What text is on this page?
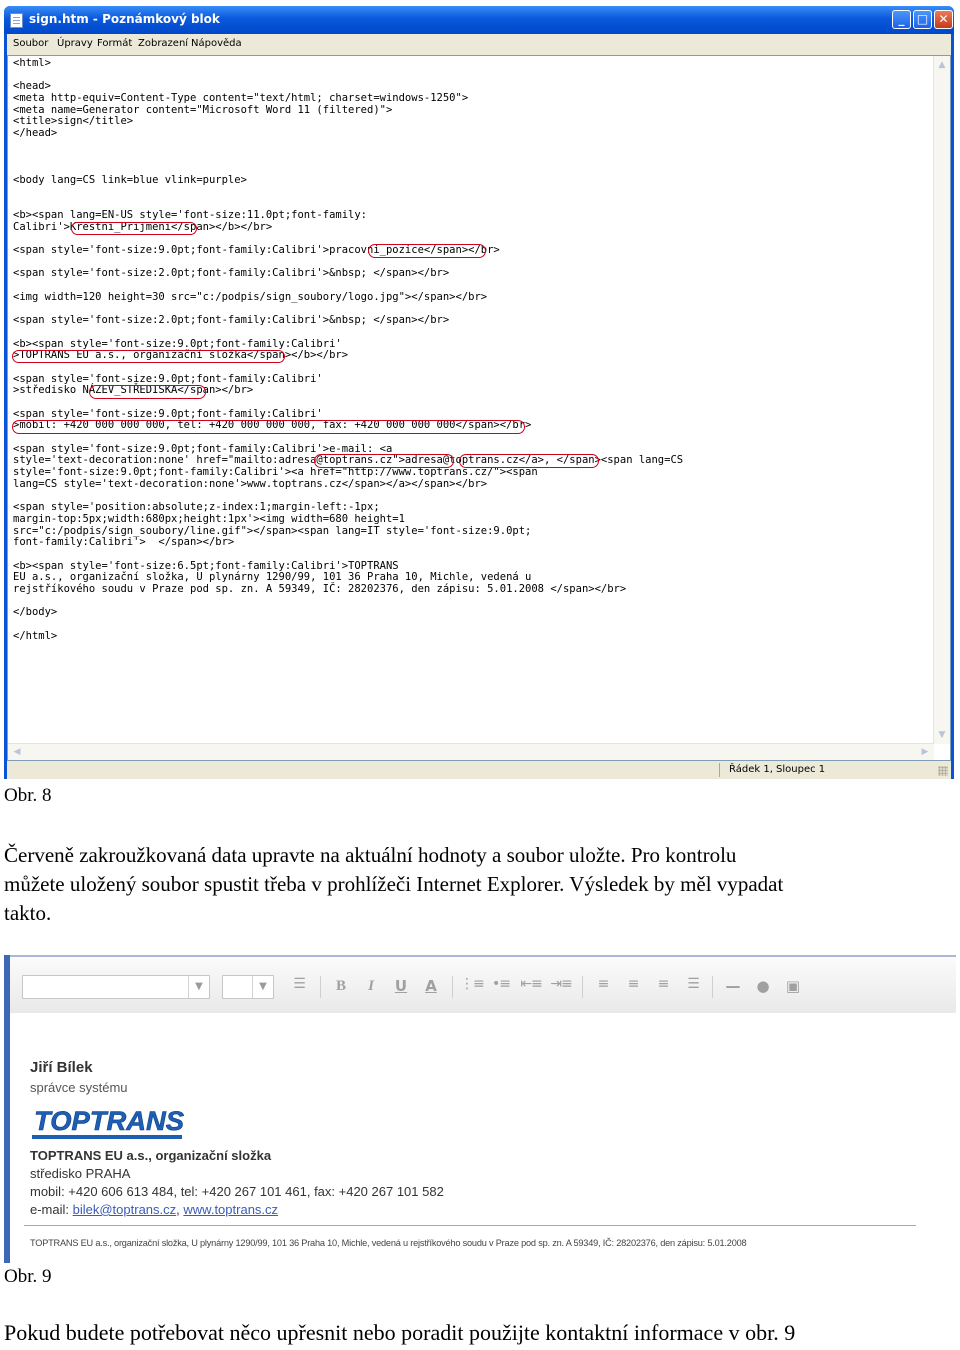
sign.htm - Poznámkový blok	_	□ ✕
Soubor Úpravy Formát Zobrazení Nápověda
<html>
<head>
<meta http-equiv=Content-Type content="text/html; charset=windows-1250">
<meta name=Generator content="Microsoft Word 11 (filtered)">
<title>sign</title>
</head>
<body lang=CS link=blue vlink=purple>
<b><span lang=EN-US style='font-size:11.0pt;font-family:
Calibri'>Krestni_Prijmeni</span></b></br>
<span style='font-size:9.0pt;font-family:Calibri'>pracovni_pozice</span></br>
<span style='font-size:2.0pt;font-family:Calibri'>&nbsp; </span></br>
<img width=120 height=30 src="c:/podpis/sign_soubory/logo.jpg"></span></br>
<span style='font-size:2.0pt;font-family:Calibri'>&nbsp; </span></br>
<b><span style='font-size:9.0pt;font-family:Calibri'
>TOPTRANS EU a.s., organizační složka</span></b></br>
<span style='font-size:9.0pt;font-family:Calibri'
>středisko NÁZEV_STŘEDISKA</span></br>
<span style='font-size:9.0pt;font-family:Calibri'
>mobil: +420 000 000 000, tel: +420 000 000 000, fax: +420 000 000 000</span></br>
<span style='font-size:9.0pt;font-family:Calibri'>e-mail: <a
style='text-decoration:none' href="mailto:adresa@toptrans.cz">adresa@toptrans.cz</a>, </span><span lang=CS
style='font-size:9.0pt;font-family:Calibri'><a href="http://www.toptrans.cz/"><span
lang=CS style='text-decoration:none'>www.toptrans.cz</span></a></span></br>
<span style='position:absolute;z-index:1;margin-left:-1px;
margin-top:5px;width:680px;height:1px'><img width=680 height=1
src="c:/podpis/sign_soubory/line.gif"></span><span lang=IT style='font-size:9.0pt;
font-family:Calibri'>  </span></br>
<b><span style='font-size:6.5pt;font-family:Calibri'>TOPTRANS
EU a.s., organizační složka, U plynárny 1290/99, 101 36 Praha 10, Michle, vedená u
rejstříkového soudu v Praze pod sp. zn. A 59349, IČ: 28202376, den zápisu: 5.01.2008 </span></br>
</body>
</html>
▲
▼
◀	▶
Řádek 1, Sloupec 1
Obr. 8
Červeně zakroužkovaná data upravte na aktuální hodnoty a soubor uložte. Pro kontrolu
můžete uložený soubor spustit třeba v prohlížeči Internet Explorer. Výsledek by měl vypadat
takto.
▼	▼	☰	B	I	U	A	⋮≡ •≡ ⇤≡ ⇥≡	≡	≡	≡	☰	— ● ▣
Jiří Bílek
správce systému
TOPTRANS
TOPTRANS EU a.s., organizační složka
středisko PRAHA
mobil: +420 606 613 484, tel: +420 267 101 461, fax: +420 267 101 582
e-mail: bilek@toptrans.cz, www.toptrans.cz
TOPTRANS EU a.s., organizační složka, U plynárny 1290/99, 101 36 Praha 10, Michle, vedená u rejstříkového soudu v Praze pod sp. zn. A 59349, IČ: 28202376, den zápisu: 5.01.2008
Obr. 9
Pokud budete potřebovat něco upřesnit nebo poradit použijte kontaktní informace v obr. 9
